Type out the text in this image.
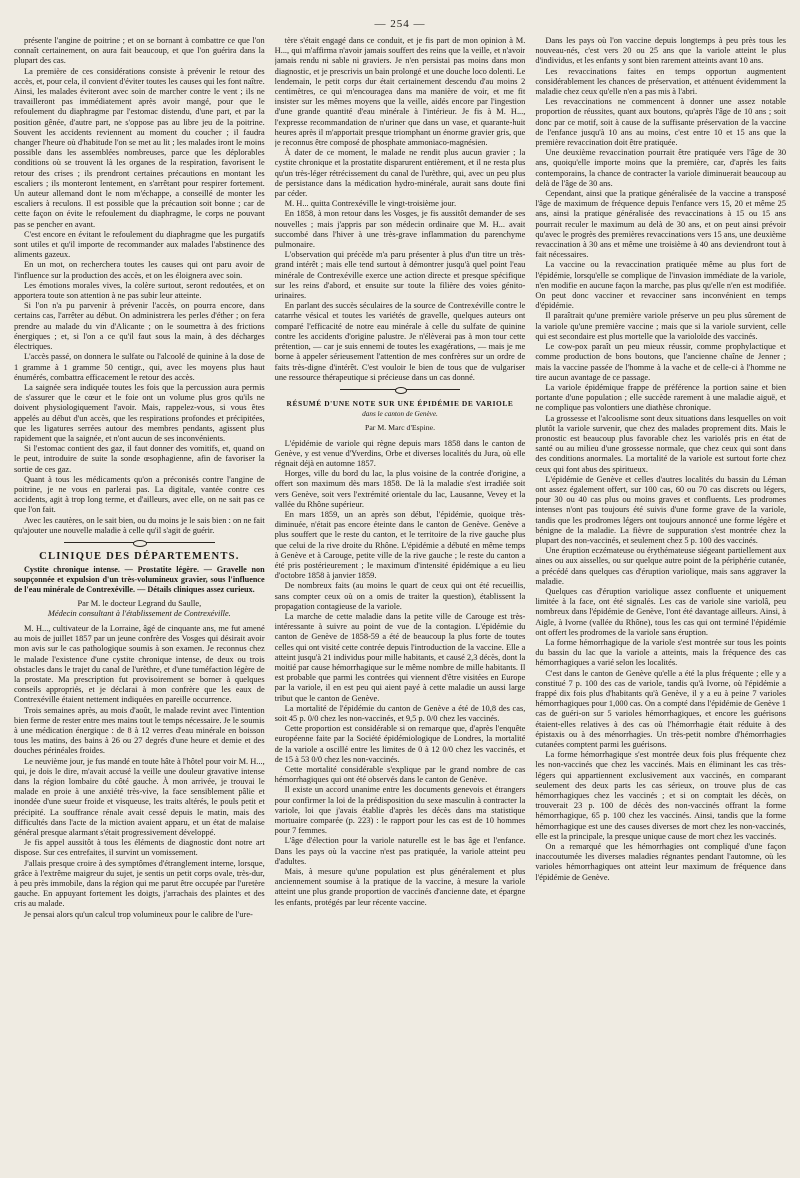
— 254 —

présente l'angine de poitrine ; et on se bornant à combattre ce que l'on connaît certainement, on aura fait beaucoup, et que l'on guérira dans la plupart des cas.

La première de ces considérations consiste à prévenir le retour des accès, et, pour cela, il convient d'éviter toutes les causes qui les font naître. Ainsi, les malades éviteront avec soin de marcher contre le vent ; ils ne travailleront pas immédiatement après avoir mangé, pour que le refoulement du diaphragme par l'estomac distendu, d'une part, et par la position gênée, d'autre part, ne s'oppose pas au libre jeu de la poitrine. Souvent les accidents reviennent au moment du coucher ; il faudra changer l'heure où d'habitude l'on se met au lit ; les malades iront le moins possible dans les assemblées nombreuses, parce que les déplorables conditions où se trouvent là les organes de la respiration, favorisent le retour des crises ; ils prendront certaines précautions en montant les escaliers ; ils monteront lentement, en s'arrêtant pour respirer fortement. Un auteur allemand dont le nom m'échappe, a conseillé de monter les escaliers à reculons. Il est possible que la précaution soit bonne ; car de cette façon on évite le refoulement du diaphragme, le corps ne pouvant pas se pencher en avant.

C'est encore en évitant le refoulement du diaphragme que les purgatifs sont utiles et qu'il importe de recommander aux malades l'abstinence des aliments gazeux.

En un mot, on recherchera toutes les causes qui ont paru avoir de l'influence sur la production des accès, et on les éloignera avec soin.

Les émotions morales vives, la colère surtout, seront redoutées, et on apportera toute son attention à ne pas subir leur atteinte.

Si l'on n'a pu parvenir à prévenir l'accès, on pourra encore, dans certains cas, l'arrêter au début. On administrera les perles d'éther ; on fera prendre au malade du vin d'Alicante ; on le soumettra à des frictions énergiques ; et, si l'on a ce qu'il faut sous la main, à des décharges électriques.

L'accès passé, on donnera le sulfate ou l'alcoolé de quinine à la dose de 1 gramme à 1 gramme 50 centigr., qui, avec les moyens plus haut énumérés, combattra efficacement le retour des accès.

La saignée sera indiquée toutes les fois que la percussion aura permis de s'assurer que le cœur et le foie ont un volume plus gros qu'ils ne doivent physiologiquement l'avoir. Mais, rappelez-vous, si vous êtes appelés au début d'un accès, que les respirations profondes et précipitées, que les ligatures serrées autour des membres pendants, agissent plus rapidement que la saignée, et n'ont aucun de ses inconvénients.

Si l'estomac contient des gaz, il faut donner des vomitifs, et, quand on le peut, introduire de suite la sonde œsophagienne, afin de favoriser la sortie de ces gaz.

Quant à tous les médicaments qu'on a préconisés contre l'angine de poitrine, je ne vous en parlerai pas. La digitale, vantée contre ces accidents, agit à trop long terme, et d'ailleurs, avec elle, on ne sait pas ce que l'on fait.

Avec les cautères, on le sait bien, ou du moins je le sais bien : on ne fait qu'ajouter une nouvelle maladie à celle qu'il s'agit de guérir.

CLINIQUE DES DÉPARTEMENTS.
Cystite chronique intense. — Prostatite légère. — Gravelle non soupçonnée et expulsion d'un très-volumineux gravier, sous l'influence de l'eau minérale de Contrexéville. — Détails cliniques assez curieux.
Par M. le docteur Legrand du Saulle,
Médecin consultant à l'établissement de Contrexéville.

M. H..., cultivateur de la Lorraine, âgé de cinquante ans, me fut amené au mois de juillet 1857 par un jeune confrère des Vosges qui désirait avoir mon avis sur le cas pathologique soumis à son examen. Je reconnus chez le malade l'existence d'une cystite chronique intense, de deux ou trois obstacles dans le trajet du canal de l'urèthre, et d'une tuméfaction légère de la prostate. Ma prescription fut provisoirement se borner à quelques conseils appropriés, et je déclarai à mon confrère que les eaux de Contrexéville étaient nettement indiquées en pareille occurrence.

Trois semaines après, au mois d'août, le malade revint avec l'intention bien ferme de rester entre mes mains tout le temps nécessaire. Je le soumis à une médication énergique : de 8 à 12 verres d'eau minérale en boisson tous les matins, des bains à 26 ou 27 degrés d'une heure et demie et des douches périnéales froides.

Le neuvième jour, je fus mandé en toute hâte à l'hôtel pour voir M. H..., qui, je dois le dire, m'avait accusé la veille une douleur gravative intense dans la région lombaire du côté gauche. À mon arrivée, je trouvai le malade en proie à une anxiété très-vive, la face sensiblement pâlie et inondée d'une sueur froide et visqueuse, les traits altérés, le pouls petit et précipité. La souffrance rénale avait cessé depuis le matin, mais des difficultés dans l'acte de la miction avaient apparu, et un état de malaise général presque alarmant s'était progressivement développé.

Je fis appel aussitôt à tous les éléments de diagnostic dont notre art dispose. Sur ces entrefaites, il survint un vomissement.

J'allais presque croire à des symptômes d'étranglement interne, lorsque, grâce à l'extrême maigreur du sujet, je sentis un petit corps ovale, très-dur, à peu près immobile, dans la région qui me parut être occupée par l'uretère gauche. En appuyant fortement les doigts, j'arrachais des plaintes et des cris au malade.

Je pensai alors qu'un calcul trop volumineux pour le calibre de l'ure-

tère s'était engagé dans ce conduit, et je fis part de mon opinion à M. H..., qui m'affirma n'avoir jamais souffert des reins que la veille, et n'avoir jamais rendu ni sable ni graviers. Je n'en persistai pas moins dans mon diagnostic, et je prescrivis un bain prolongé et une douche loco dolenti. Le lendemain, le petit corps dur était certainement descendu d'au moins 2 centimètres, ce qui m'encouragea dans ma manière de voir, et me fit insister sur les mêmes moyens que la veille, aidés encore par l'ingestion d'une grande quantité d'eau minérale à l'intérieur. Je fis à M. H..., l'expresse recommandation de n'uriner que dans un vase, et quarante-huit heures après il m'apportait presque triomphant un énorme gravier gris, que je reconnus être composé de phosphate ammoniaco-magnésien.

À dater de ce moment, le malade ne rendit plus aucun gravier ; la cystite chronique et la prostatite disparurent entièrement, et il ne resta plus qu'un très-léger rétrécissement du canal de l'urèthre, qui, avec un peu plus de persistance dans la médication hydro-minérale, aurait sans doute fini par céder.

M. H... quitta Contrexéville le vingt-troisième jour.

En 1858, à mon retour dans les Vosges, je fis aussitôt demander de ses nouvelles ; mais j'appris par son médecin ordinaire que M. H... avait succombé dans l'hiver à une très-grave inflammation du parenchyme pulmonaire.

L'observation qui précède m'a paru présenter à plus d'un titre un très-grand intérêt ; mais elle tend surtout à démontrer jusqu'à quel point l'eau minérale de Contrexéville exerce une action directe et presque spécifique sur les reins d'abord, et ensuite sur toute la filière des voies génito-urinaires.

En parlant des succès séculaires de la source de Contrexéville contre le catarrhe vésical et toutes les variétés de gravelle, quelques auteurs ont comparé l'efficacité de notre eau minérale à celle du sulfate de quinine contre les accidents d'origine palustre. Je n'élèverai pas à mon tour cette prétention, — car je suis ennemi de toutes les exagérations, — mais je me borne à appeler sérieusement l'attention de mes confrères sur un ordre de faits très-digne d'intérêt. C'est vouloir le bien de tous que de vulgariser une ressource thérapeutique si précieuse dans un cas donné.

RÉSUMÉ D'UNE NOTE SUR UNE ÉPIDÉMIE DE VARIOLE
dans le canton de Genève.
Par M. Marc d'Espine.

L'épidémie de variole qui règne depuis mars 1858 dans le canton de Genève, y est venue d'Yverdins, Orbe et diverses localités du Jura, où elle régnait déjà en automne 1857.

Horges, ville du bord du lac, la plus voisine de la contrée d'origine, a offert son maximum dès mars 1858. De là la maladie s'est irradiée soit vers Genève, soit vers l'extrémité orientale du lac, Lausanne, Vevey et la vallée du Rhône supérieur.

En mars 1859, un an après son début, l'épidémie, quoique très-diminuée, n'était pas encore éteinte dans le canton de Genève. Genève a plus souffert que le reste du canton, et le territoire de la rive gauche plus que celui de la rive droite du Rhône. L'épidémie a débuté en même temps à Genève et à Carouge, petite ville de la rive gauche ; le reste du canton a été pris postérieurement ; le maximum d'intensité épidémique a eu lieu d'octobre 1858 à janvier 1859.

De nombreux faits (au moins le quart de ceux qui ont été recueillis, sans compter ceux où on a omis de traiter la question), établissent la propagation contagieuse de la variole.

La marche de cette maladie dans la petite ville de Carouge est très-intéressante à suivre au point de vue de la contagion. L'épidémie du canton de Genève de 1858-59 a été de beaucoup la plus forte de toutes celles qui ont visité cette contrée depuis l'introduction de la vaccine. Elle a atteint jusqu'à 21 individus pour mille habitants, et causé 2,3 décès, dont la moitié par cause hémorrhagique sur le même nombre de mille habitants. Il est probable que parmi les contrées qui viennent d'être visitées en Europe par la variole, il en est peu qui aient payé à cette maladie un aussi large tribut que le canton de Genève.

La mortalité de l'épidémie du canton de Genève a été de 10,8 des cas, soit 45 p. 0/0 chez les non-vaccinés, et 9,5 p. 0/0 chez les vaccinés.

Cette proportion est considérable si on remarque que, d'après l'enquête européenne faite par la Société épidémiologique de Londres, la mortalité de la variole a oscillé entre les limites de 0 à 12 0/0 chez les vaccinés, et de 15 à 53 0/0 chez les non-vaccinés.

Cette mortalité considérable s'explique par le grand nombre de cas hémorrhagiques qui ont été observés dans le canton de Genève.

Il existe un accord unanime entre les documents genevois et étrangers pour confirmer la loi de la prédisposition du sexe masculin à contracter la variole, loi que j'avais établie d'après les décès dans ma statistique mortuaire comparée (p. 223) : le rapport pour les cas est de 10 hommes pour 7 femmes.

L'âge d'élection pour la variole naturelle est le bas âge et l'enfance. Dans les pays où la vaccine n'est pas pratiquée, la variole atteint peu d'adultes.

Mais, à mesure qu'une population est plus généralement et plus anciennement soumise à la pratique de la vaccine, à mesure la variole atteint une plus grande proportion de vaccinés d'ancienne date, et épargne les enfants, protégés par leur récente vaccine.

Dans les pays où l'on vaccine depuis longtemps à peu près tous les nouveau-nés, c'est vers 20 ou 25 ans que la variole atteint le plus d'individus, et les enfants y sont bien rarement atteints avant 10 ans.

Les revaccinations faites en temps opportun augmentent considérablement les chances de préservation, et atténuent évidemment la maladie chez ceux qu'elle n'en a pas mis à l'abri.

Les revaccinations ne commencent à donner une assez notable proportion de réussites, quant aux boutons, qu'après l'âge de 10 ans ; soit donc par ce motif, soit à cause de la suffisante préservation de la vaccine de l'enfance jusqu'à 10 ans au moins, c'est entre 10 et 15 ans que la première revaccination doit être pratiquée.

Une deuxième revaccination pourrait être pratiquée vers l'âge de 30 ans, quoiqu'elle importe moins que la première, car, d'après les faits contemporains, la chance de contracter la variole diminuerait beaucoup au delà de l'âge de 30 ans.

Cependant, ainsi que la pratique généralisée de la vaccine a transposé l'âge de maximum de fréquence depuis l'enfance vers 15, 20 et même 25 ans, ainsi la pratique généralisée des revaccinations à 15 ou 15 ans pourrait reculer le maximum au delà de 30 ans, et on peut ainsi prévoir qu'avec le progrès des premières revaccinations vers 15 ans, une deuxième revaccination à 30 ans et même une troisième à 40 ans deviendront tout à fait nécessaires.

La vaccine ou la revaccination pratiquée même au plus fort de l'épidémie, lorsqu'elle se complique de l'invasion immédiate de la variole, n'en modifie en aucune façon la marche, pas plus qu'elle n'en est modifiée. On peut donc vacciner et revacciner sans inconvénient en temps d'épidémie.

Il paraîtrait qu'une première variole préserve un peu plus sûrement de la variole qu'une première vaccine ; mais que si la variole survient, celle qui est secondaire est plus mortelle que la varioloïde des vaccinés.

Le cow-pox paraît un peu mieux réussir, comme prophylactique et comme production de bons boutons, que l'ancienne chaîne de Jenner ; mais la vaccine passée de l'homme à la vache et de celle-ci à l'homme ne tire aucun avantage de ce passage.

La variole épidémique frappe de préférence la portion saine et bien portante d'une population ; elle succède rarement à une maladie aiguë, et ne complique pas volontiers une diathèse chronique.

La grossesse et l'alcoolisme sont deux situations dans lesquelles on voit plutôt la variole survenir, que chez des malades proprement dits. Mais le pronostic est beaucoup plus favorable chez les variolés pris en état de santé ou au milieu d'une grossesse normale, que chez ceux qui sont dans des conditions anormales. La mortalité de la variole est surtout forte chez ceux qui font abus des spiritueux.

L'épidémie de Genève et celles d'autres localités du bassin du Léman ont assez également offert, sur 100 cas, 60 ou 70 cas discrets ou légers, pour 30 ou 40 cas plus ou moins graves et confluents. Les prodromes intenses n'ont pas toujours été suivis d'une forme grave de la variole, tandis que les prodromes légers ont toujours annoncé une forme légère et bénigne de la maladie. La fièvre de suppuration s'est montrée chez la plupart des non-vaccinés, et seulement chez 5 p. 100 des vaccinés.

Une éruption eczémateuse ou érythémateuse siégeant partiellement aux aines ou aux aisselles, ou sur quelque autre point de la périphérie cutanée, a précédé dans quelques cas d'éruption variolique, mais sans aggraver la maladie.

Quelques cas d'éruption variolique assez confluente et uniquement limitée à la face, ont été signalés. Les cas de variole sine variolâ, peu nombreux dans l'épidémie de Genève, l'ont été davantage ailleurs. Ainsi, à Aigle, à Ivorne (vallée du Rhône), tous les cas qui ont terminé l'épidémie ont offert les prodromes de la variole sans éruption.

La forme hémorrhagique de la variole s'est montrée sur tous les points du bassin du lac que la variole a atteints, mais la fréquence des cas hémorrhagiques a varié selon les localités.

C'est dans le canton de Genève qu'elle a été la plus fréquente ; elle y a constitué 7 p. 100 des cas de variole, tandis qu'à Ivorne, où l'épidémie a frappé dix fois plus d'habitants qu'à Genève, il y a eu à peine 7 varioles hémorrhagiques pour 1,000 cas. On a compté dans l'épidémie de Genève 1 cas de guéri-on sur 5 varioles hémorrhagiques, et encore les guérisons étaient-elles relatives à des cas où l'hémorrhagie était réduite à des épistaxis ou à des ménorrhagies. Un très-petit nombre d'hémorrhagies cutanées comptent parmi les guérisons.

La forme hémorrhagique s'est montrée deux fois plus fréquente chez les non-vaccinés que chez les vaccinés. Mais en éliminant les cas très-légers qui appartiennent exclusivement aux vaccinés, en comparant seulement des deux parts les cas sérieux, on trouve plus de cas hémorrhagiques chez les vaccinés ; et si on comptait les décès, on trouverait 23 p. 100 de décès des non-vaccinés offrant la forme hémorrhagique, 65 p. 100 chez les vaccinés. Ainsi, tandis que la forme hémorrhagique est une des causes diverses de mort chez les non-vaccinés, elle est la principale, la presque unique cause de mort chez les vaccinés.

On a remarqué que les hémorrhagies ont compliqué d'une façon inaccoutumée les diverses maladies régnantes pendant l'automne, où les varioles hémorrhagiques ont atteint leur maximum de fréquence dans l'épidémie de Genève.
